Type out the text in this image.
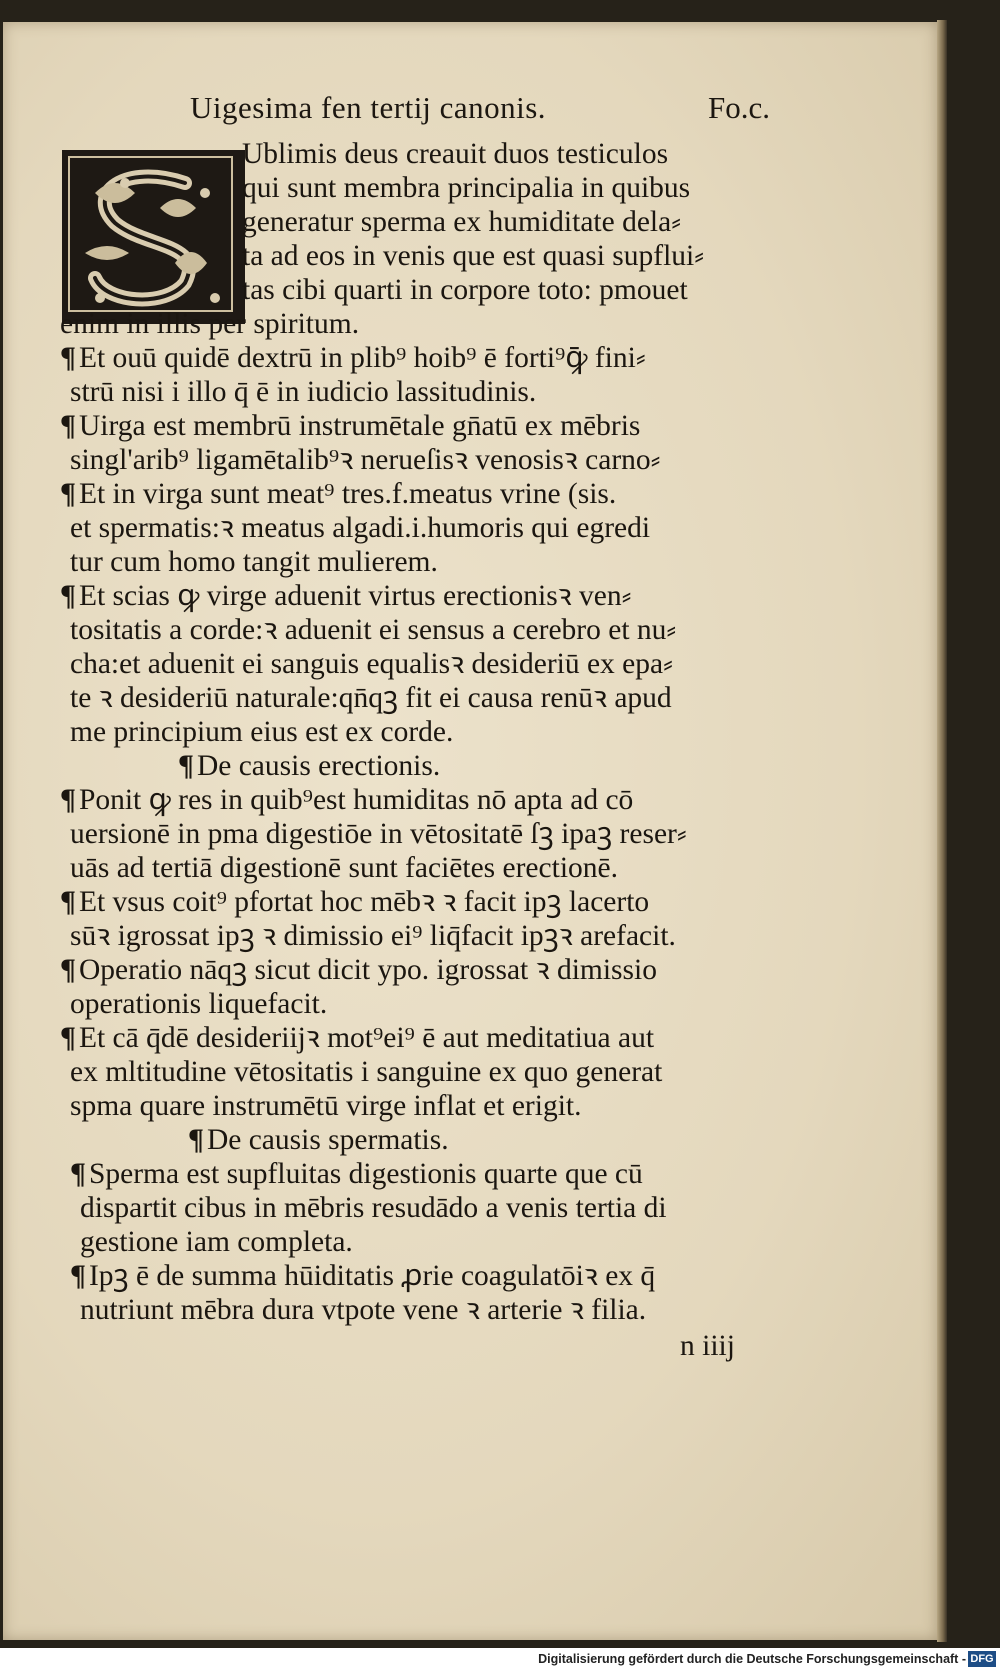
Uigesima fen tertĳ canonis.	Fo.c.
Ublimis deus creauit duos testiculos
qui sunt membra principalia in quibus
generatur sperma ex humiditate dela⸗
ta ad eos in venis que est quasi supflui⸗
tas cibi quarti in corpore toto: pmouet
enim in illis per spiritum.
¶ Et ouū quidē dextrū in plib⁹ hoib⁹ ē forti⁹ꝙ̄ fini⸗
strū nisi i illo q̄ ē in iudicio lassitudinis.
¶ Uirga est membrū instrumētale gn̄atū ex mēbris
singl'arib⁹ ligamētalib⁹ꝛ nerueſisꝛ venosisꝛ carno⸗
¶ Et in virga sunt meat⁹ tres.f.meatus vrine (sis.
et spermatis:ꝛ meatus algadi.i.humoris qui egredi
tur cum homo tangit mulierem.
¶ Et scias ꝙ virge aduenit virtus erectionisꝛ ven⸗
tositatis a corde:ꝛ aduenit ei sensus a cerebro et nu⸗
cha:et aduenit ei sanguis equalisꝛ desideriū ex epa⸗
te ꝛ desideriū naturale:qn̄qꝫ fit ei causa renūꝛ apud
me principium eius est ex corde.
¶ De causis erectionis.
¶ Ponit ꝙ res in quib⁹est humiditas nō apta ad cō
uersionē in pma digestiōe in vētositatē ſꝫ ipaꝫ reser⸗
uās ad tertiā digestionē sunt faciētes erectionē.
¶ Et vsus coit⁹ pfortat hoc mēbꝛ ꝛ facit ipꝫ lacerto
sūꝛ igrossat ipꝫ ꝛ dimissio ei⁹ liq̄facit ipꝫꝛ arefacit.
¶ Operatio nāqꝫ sicut dicit ypo. igrossat ꝛ dimissio
operationis liquefacit.
¶ Et cā q̄dē desideriĳꝛ mot⁹ei⁹ ē aut meditatiua aut
ex mltitudine vētositatis i sanguine ex quo generat
spma quare instrumētū virge inflat et erigit.
¶ De causis spermatis.
¶ Sperma est supfluitas digestionis quarte que cū
dispartit cibus in mēbris resudādo a venis tertia di
gestione iam completa.
¶ Ipꝫ ē de summa hūiditatis ꝓrie coagulatōiꝛ ex q̄
nutriunt mēbra dura vtpote vene ꝛ arterie ꝛ filia.
n iiij
Digitalisierung gefördert durch die Deutsche Forschungsgemeinschaft - DFG
